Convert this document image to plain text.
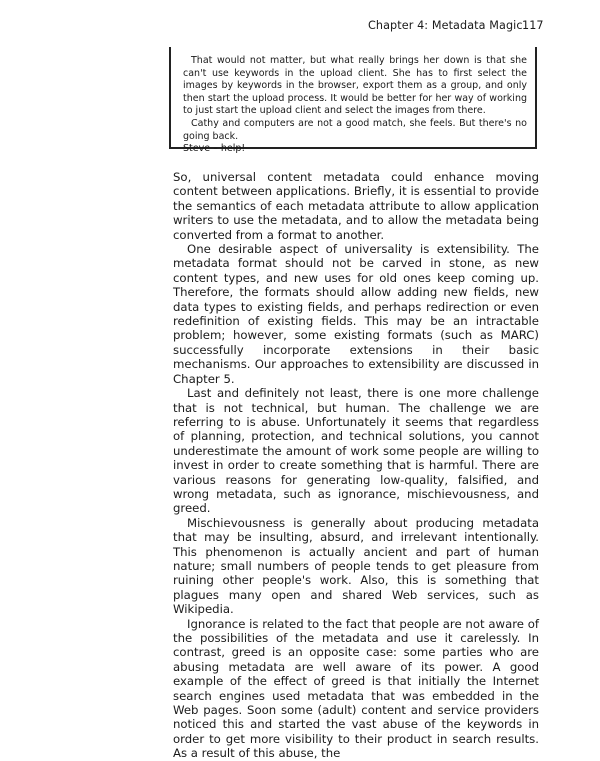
Chapter 4: Metadata Magic 117

That would not matter, but what really brings her down is that she can't use keywords in the upload client. She has to first select the images by keywords in the browser, export them as a group, and only then start the upload process. It would be better for her way of working to just start the upload client and select the images from there.

Cathy and computers are not a good match, she feels. But there's no going back.

Steve – help!

So, universal content metadata could enhance moving content between applications. Briefly, it is essential to provide the semantics of each metadata attribute to allow application writers to use the metadata, and to allow the metadata being converted from a format to another.

One desirable aspect of universality is extensibility. The metadata format should not be carved in stone, as new content types, and new uses for old ones keep coming up. Therefore, the formats should allow adding new fields, new data types to existing fields, and perhaps redirection or even redefinition of existing fields. This may be an intractable problem; however, some existing formats (such as MARC) successfully incorporate extensions in their basic mechanisms. Our approaches to extensibility are discussed in Chapter 5.

Last and definitely not least, there is one more challenge that is not technical, but human. The challenge we are referring to is abuse. Unfortunately it seems that regardless of planning, protection, and technical solutions, you cannot underestimate the amount of work some people are willing to invest in order to create something that is harmful. There are various reasons for generating low-quality, falsified, and wrong metadata, such as ignorance, mischievousness, and greed.

Mischievousness is generally about producing metadata that may be insulting, absurd, and irrelevant intentionally. This phenomenon is actually ancient and part of human nature; small numbers of people tends to get pleasure from ruining other people's work. Also, this is something that plagues many open and shared Web services, such as Wikipedia.

Ignorance is related to the fact that people are not aware of the possibilities of the metadata and use it carelessly. In contrast, greed is an opposite case: some parties who are abusing metadata are well aware of its power. A good example of the effect of greed is that initially the Internet search engines used metadata that was embedded in the Web pages. Soon some (adult) content and service providers noticed this and started the vast abuse of the keywords in order to get more visibility to their product in search results. As a result of this abuse, the
